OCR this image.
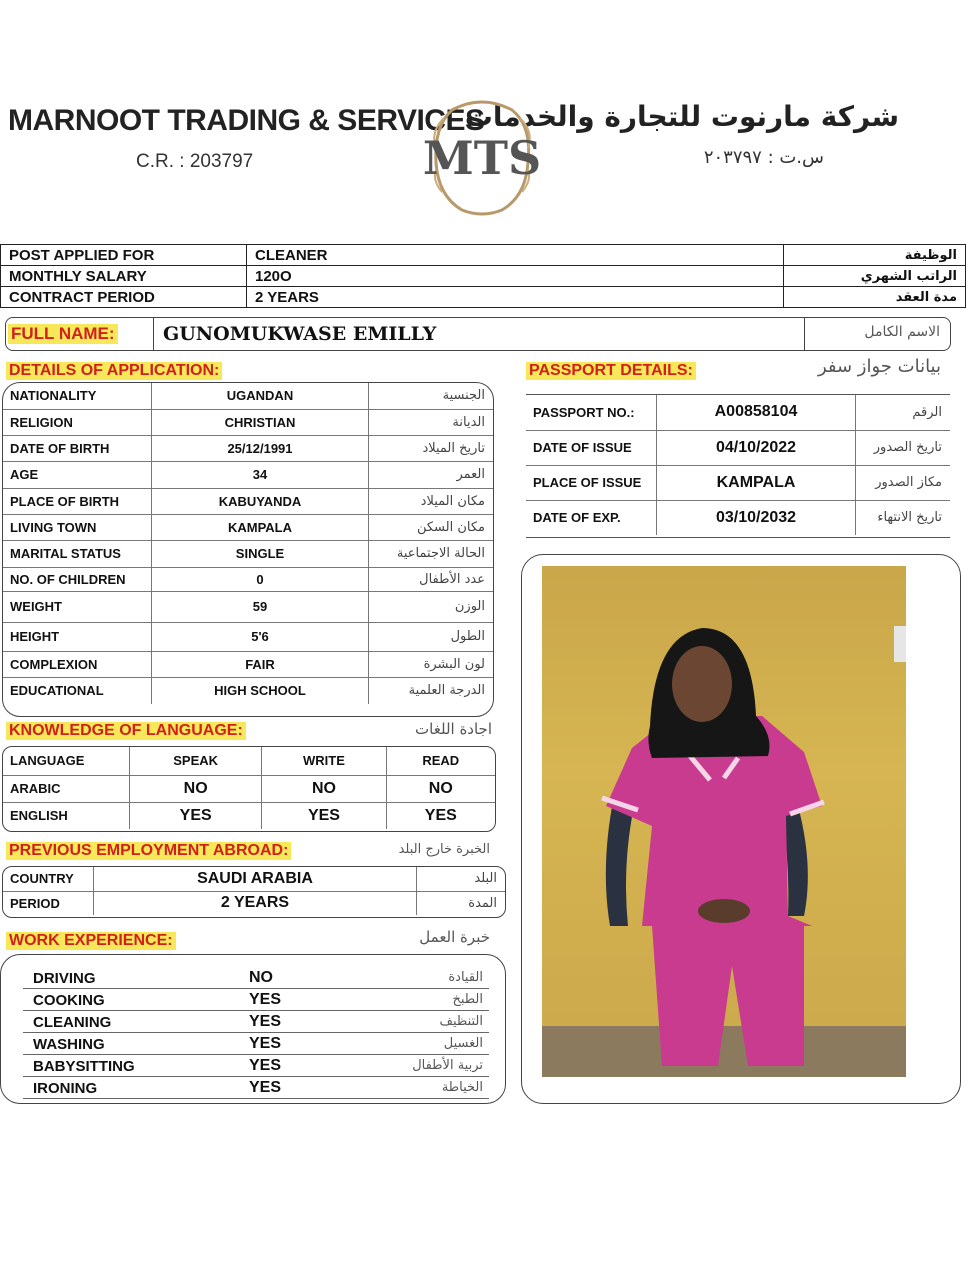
MARNOOT TRADING & SERVICES
C.R. : 203797
شركة مارنوت للتجارة والخدمات
س.ت : ٢٠٣٧٩٧
MTS
POST APPLIED FOR	CLEANER	الوظيفة
MONTHLY SALARY	120O	الراتب الشهري
CONTRACT PERIOD	2 YEARS	مدة العقد
FULL NAME:	GUNOMUKWASE EMILLY	الاسم الكامل
DETAILS OF APPLICATION:
NATIONALITY	UGANDAN	الجنسية
RELIGION	CHRISTIAN	الديانة
DATE OF BIRTH	25/12/1991	تاريخ الميلاد
AGE	34	العمر
PLACE OF BIRTH	KABUYANDA	مكان الميلاد
LIVING TOWN	KAMPALA	مكان السكن
MARITAL STATUS	SINGLE	الحالة الاجتماعية
NO. OF CHILDREN	0	عدد الأطفال
WEIGHT	59	الوزن
HEIGHT	5'6	الطول
COMPLEXION	FAIR	لون البشرة
EDUCATIONAL	HIGH SCHOOL	الدرجة العلمية
PASSPORT DETAILS:	بيانات جواز سفر
PASSPORT NO.:	A00858104	الرقم
DATE OF ISSUE	04/10/2022	تاريخ الصدور
PLACE OF ISSUE	KAMPALA	مكاز الصدور
DATE OF EXP.	03/10/2032	تاريخ الانتهاء
KNOWLEDGE OF LANGUAGE:	اجادة اللغات
LANGUAGE	SPEAK	WRITE	READ
ARABIC	NO	NO	NO
ENGLISH	YES	YES	YES
PREVIOUS EMPLOYMENT ABROAD:	الخبرة خارج البلد
COUNTRY	SAUDI ARABIA	البلد
PERIOD	2 YEARS	المدة
WORK EXPERIENCE:	خبرة العمل
DRIVING	NO	القيادة
COOKING	YES	الطبخ
CLEANING	YES	التنظيف
WASHING	YES	الغسيل
BABYSITTING	YES	تربية الأطفال
IRONING	YES	الخياطة
